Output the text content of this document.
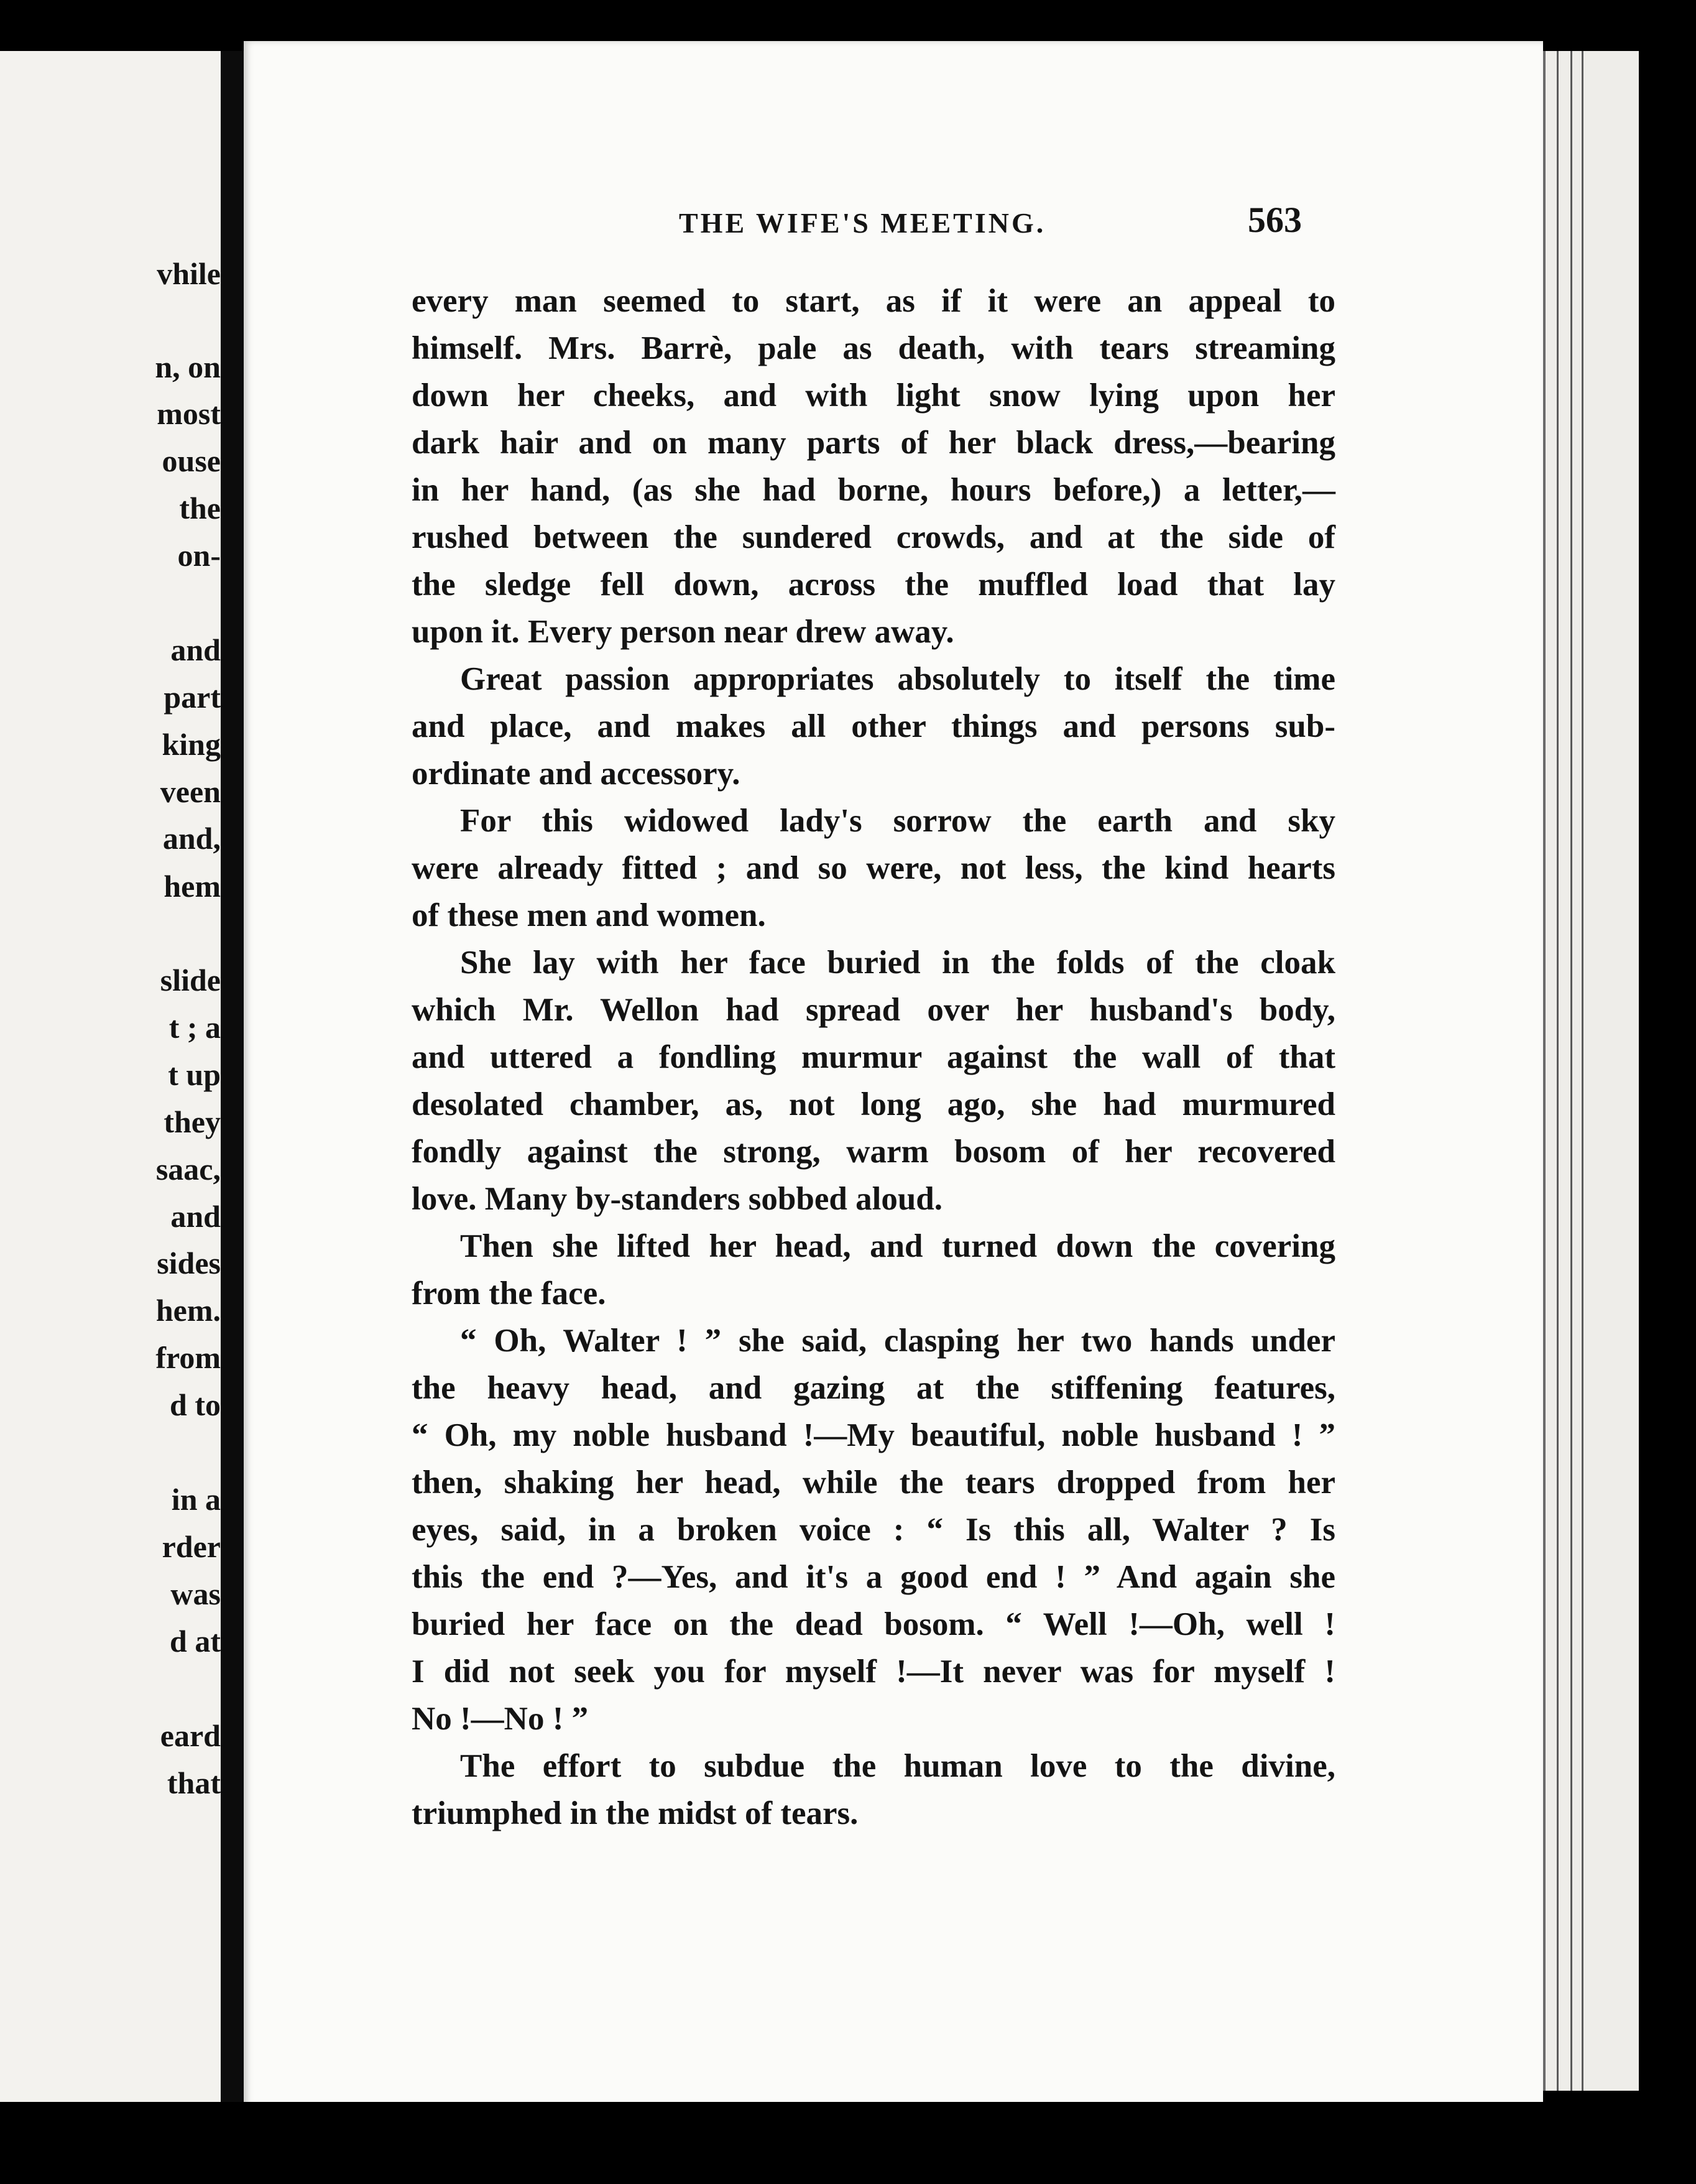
vhile
n, on
most
ouse
the
on-
and
part
king
veen
and,
hem
slide
t ; a
t up
they
saac,
and
sides
hem.
from
d to
in a
rder
was
d at
eard
that
THE WIFE'S MEETING.	563
every man seemed to start, as if it were an appeal to
himself. Mrs. Barrè, pale as death, with tears streaming
down her cheeks, and with light snow lying upon her
dark hair and on many parts of her black dress,—bearing
in her hand, (as she had borne, hours before,) a letter,—
rushed between the sundered crowds, and at the side of
the sledge fell down, across the muffled load that lay
upon it. Every person near drew away.
Great passion appropriates absolutely to itself the time
and place, and makes all other things and persons sub-
ordinate and accessory.
For this widowed lady's sorrow the earth and sky
were already fitted ; and so were, not less, the kind hearts
of these men and women.
She lay with her face buried in the folds of the cloak
which Mr. Wellon had spread over her husband's body,
and uttered a fondling murmur against the wall of that
desolated chamber, as, not long ago, she had murmured
fondly against the strong, warm bosom of her recovered
love. Many by-standers sobbed aloud.
Then she lifted her head, and turned down the covering
from the face.
“ Oh, Walter ! ” she said, clasping her two hands under
the heavy head, and gazing at the stiffening features,
“ Oh, my noble husband !—My beautiful, noble husband ! ”
then, shaking her head, while the tears dropped from her
eyes, said, in a broken voice : “ Is this all, Walter ? Is
this the end ?—Yes, and it's a good end ! ” And again she
buried her face on the dead bosom. “ Well !—Oh, well !
I did not seek you for myself !—It never was for myself !
No !—No ! ”
The effort to subdue the human love to the divine,
triumphed in the midst of tears.
